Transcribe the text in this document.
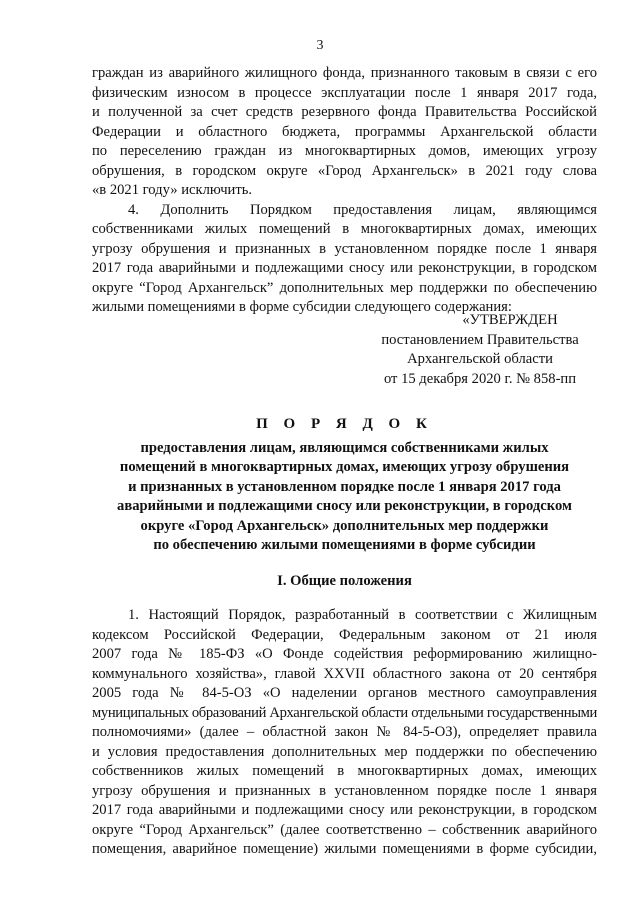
3
граждан из аварийного жилищного фонда, признанного таковым в связи с его
физическим износом в процессе эксплуатации после 1 января 2017 года,
и полученной за счет средств резервного фонда Правительства Российской
Федерации и областного бюджета, программы Архангельской области
по переселению граждан из многоквартирных домов, имеющих угрозу
обрушения, в городском округе «Город Архангельск» в 2021 году слова
«в 2021 году» исключить.
4. Дополнить Порядком предоставления лицам, являющимся
собственниками жилых помещений в многоквартирных домах, имеющих
угрозу обрушения и признанных в установленном порядке после 1 января
2017 года аварийными и подлежащими сносу или реконструкции, в городском
округе “Город Архангельск” дополнительных мер поддержки по обеспечению
жилыми помещениями в форме субсидии следующего содержания:
«УТВЕРЖДЕН
постановлением Правительства
Архангельской области
от 15 декабря 2020 г. № 858-пп
П О Р Я Д О К
предоставления лицам, являющимся собственниками жилых
помещений в многоквартирных домах, имеющих угрозу обрушения
и признанных в установленном порядке после 1 января 2017 года
аварийными и подлежащими сносу или реконструкции, в городском
округе «Город Архангельск» дополнительных мер поддержки
по обеспечению жилыми помещениями в форме субсидии
I. Общие положения
1. Настоящий Порядок, разработанный в соответствии с Жилищным
кодексом Российской Федерации, Федеральным законом от 21 июля
2007 года № 185-ФЗ «О Фонде содействия реформированию жилищно-
коммунального хозяйства», главой XXVII областного закона от 20 сентября
2005 года № 84-5-ОЗ «О наделении органов местного самоуправления
муниципальных образований Архангельской области отдельными государственными
полномочиями» (далее – областной закон № 84-5-ОЗ), определяет правила
и условия предоставления дополнительных мер поддержки по обеспечению
собственников жилых помещений в многоквартирных домах, имеющих
угрозу обрушения и признанных в установленном порядке после 1 января
2017 года аварийными и подлежащими сносу или реконструкции, в городском
округе “Город Архангельск” (далее соответственно – собственник аварийного
помещения, аварийное помещение) жилыми помещениями в форме субсидии,
